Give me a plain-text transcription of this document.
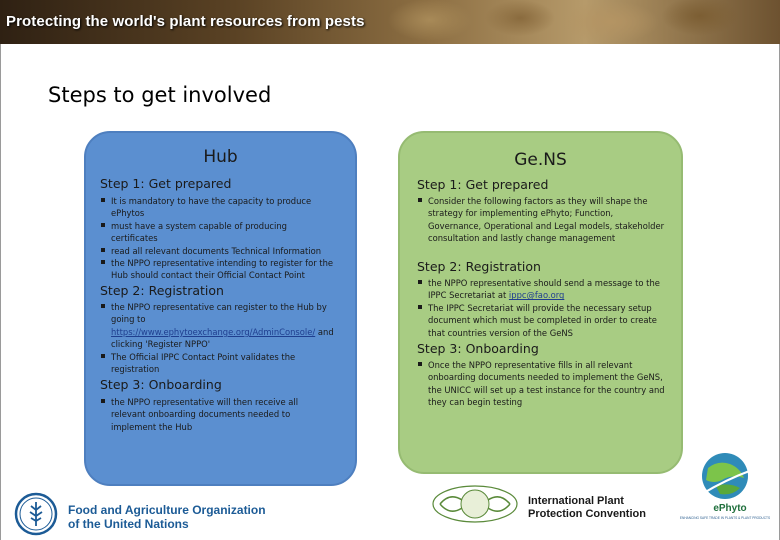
Protecting the world's plant resources from pests
Steps to get involved
Hub
Step 1: Get prepared
It is mandatory to have the capacity to produce ePhytos
must have a system capable of producing certificates
read all relevant documents Technical Information
the NPPO representative intending to register for the Hub should contact their Official Contact Point
Step 2: Registration
the NPPO representative can register to the Hub by going to https://www.ephytoexchange.org/AdminConsole/ and clicking 'Register NPPO'
The Official IPPC Contact Point validates the registration
Step 3: Onboarding
the NPPO representative will then receive all relevant onboarding documents needed to implement the Hub
Ge.NS
Step 1: Get prepared
Consider the following factors as they will shape the strategy for implementing ePhyto; Function, Governance, Operational and Legal models, stakeholder consultation and lastly change management
Step 2: Registration
the NPPO representative should send a message to the IPPC Secretariat at ippc@fao.org
The IPPC Secretariat will provide the necessary setup document which must be completed in order to create that countries version of the GeNS
Step 3: Onboarding
Once the NPPO representative fills in all relevant onboarding documents needed to implement the GeNS, the UNICC will set up a test instance for the country and they can begin testing
Food and Agriculture Organization
of the United Nations
International Plant
Protection Convention	ePhyto
ENHANCING SAFE TRADE IN PLANTS & PLANT PRODUCTS
